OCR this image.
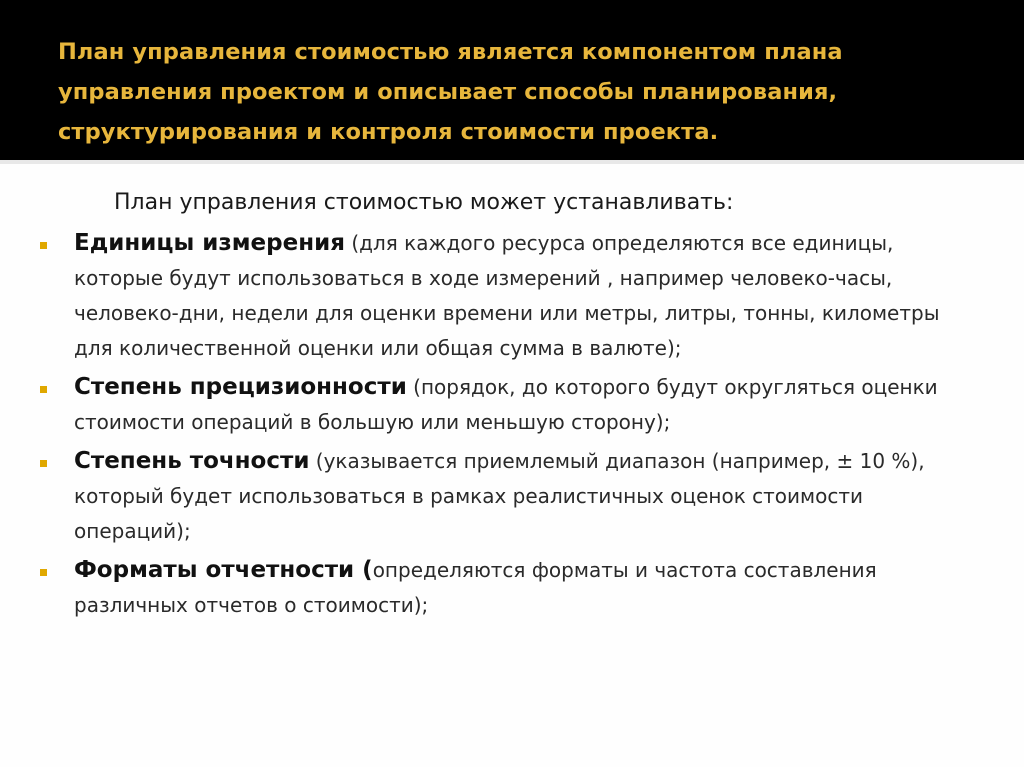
План управления стоимостью является компонентом плана управления проектом и описывает способы планирования, структурирования и контроля стоимости проекта.
План управления стоимостью может устанавливать:
Единицы измерения (для каждого ресурса определяются все единицы, которые будут использоваться в ходе измерений , например человеко-часы, человеко-дни, недели для оценки времени или метры, литры, тонны, километры для количественной оценки или общая сумма в валюте);
Степень прецизионности (порядок, до которого будут округляться оценки стоимости операций в большую или меньшую сторону);
Степень точности (указывается приемлемый диапазон (например, ± 10 %), который будет использоваться в рамках реалистичных оценок стоимости операций);
Форматы отчетности (определяются форматы и частота составления различных отчетов о стоимости);
